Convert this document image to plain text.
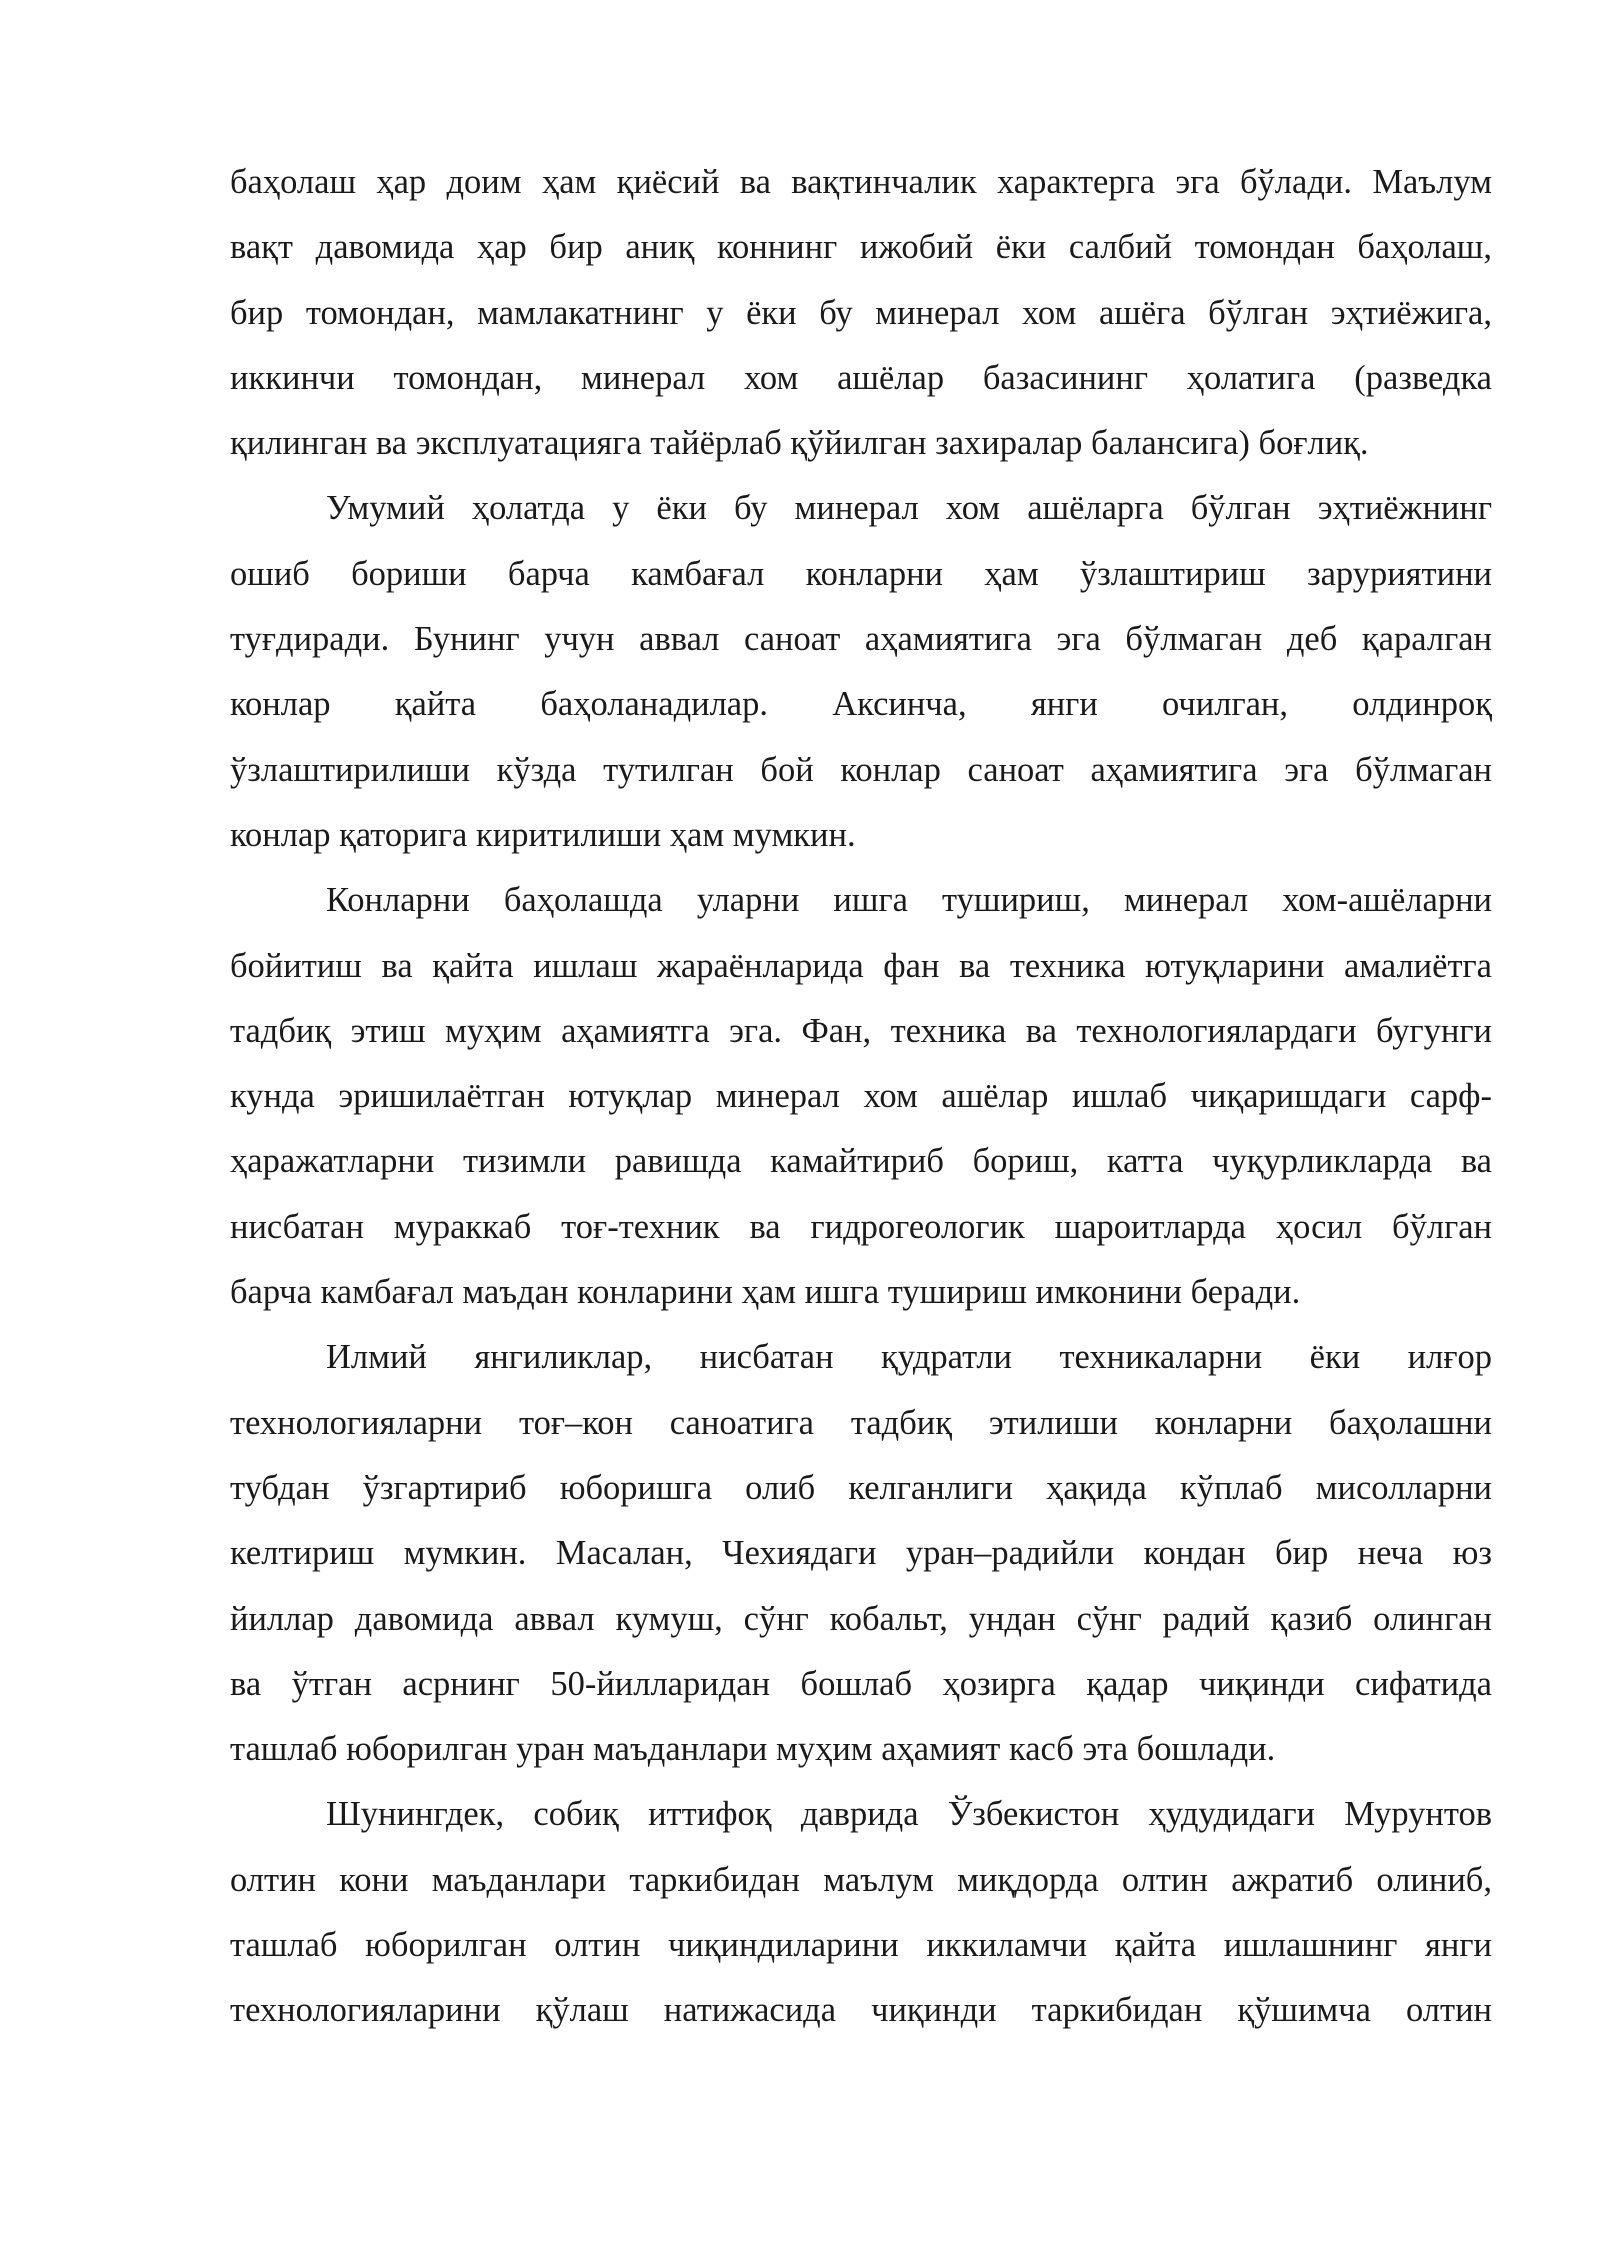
баҳолаш ҳар доим ҳам қиёсий ва вақтинчалик характерга эга бўлади. Маълум
вақт давомида ҳар бир аниқ коннинг ижобий ёки салбий томондан баҳолаш,
бир томондан, мамлакатнинг у ёки бу минерал хом ашёга бўлган эҳтиёжига,
иккинчи томондан, минерал хом ашёлар базасининг ҳолатига (разведка
қилинган ва эксплуатацияга тайёрлаб қўйилган захиралар балансига) боғлиқ.
Умумий ҳолатда у ёки бу минерал хом ашёларга бўлган эҳтиёжнинг
ошиб бориши барча камбағал конларни ҳам ўзлаштириш заруриятини
туғдиради. Бунинг учун аввал саноат аҳамиятига эга бўлмаган деб қаралган
конлар қайта баҳоланадилар. Аксинча, янги очилган, олдинроқ
ўзлаштирилиши кўзда тутилган бой конлар саноат аҳамиятига эга бўлмаган
конлар қаторига киритилиши ҳам мумкин.
Конларни баҳолашда уларни ишга тушириш, минерал хом-ашёларни
бойитиш ва қайта ишлаш жараёнларида фан ва техника ютуқларини амалиётга
тадбиқ этиш муҳим аҳамиятга эга. Фан, техника ва технологиялардаги бугунги
кунда эришилаётган ютуқлар минерал хом ашёлар ишлаб чиқаришдаги сарф-
ҳаражатларни тизимли равишда камайтириб бориш, катта чуқурликларда ва
нисбатан мураккаб тоғ-техник ва гидрогеологик шароитларда ҳосил бўлган
барча камбағал маъдан конларини ҳам ишга тушириш имконини беради.
Илмий янгиликлар, нисбатан қудратли техникаларни ёки илғор
технологияларни тоғ–кон саноатига тадбиқ этилиши конларни баҳолашни
тубдан ўзгартириб юборишга олиб келганлиги ҳақида кўплаб мисолларни
келтириш мумкин. Масалан, Чехиядаги уран–радийли кондан бир неча юз
йиллар давомида аввал кумуш, сўнг кобальт, ундан сўнг радий қазиб олинган
ва ўтган асрнинг 50-йилларидан бошлаб ҳозирга қадар чиқинди сифатида
ташлаб юборилган уран маъданлари муҳим аҳамият касб эта бошлади.
Шунингдек, собиқ иттифоқ даврида Ўзбекистон ҳудудидаги Мурунтов
олтин кони маъданлари таркибидан маълум миқдорда олтин ажратиб олиниб,
ташлаб юборилган олтин чиқиндиларини иккиламчи қайта ишлашнинг янги
технологияларини қўлаш натижасида чиқинди таркибидан қўшимча олтин
